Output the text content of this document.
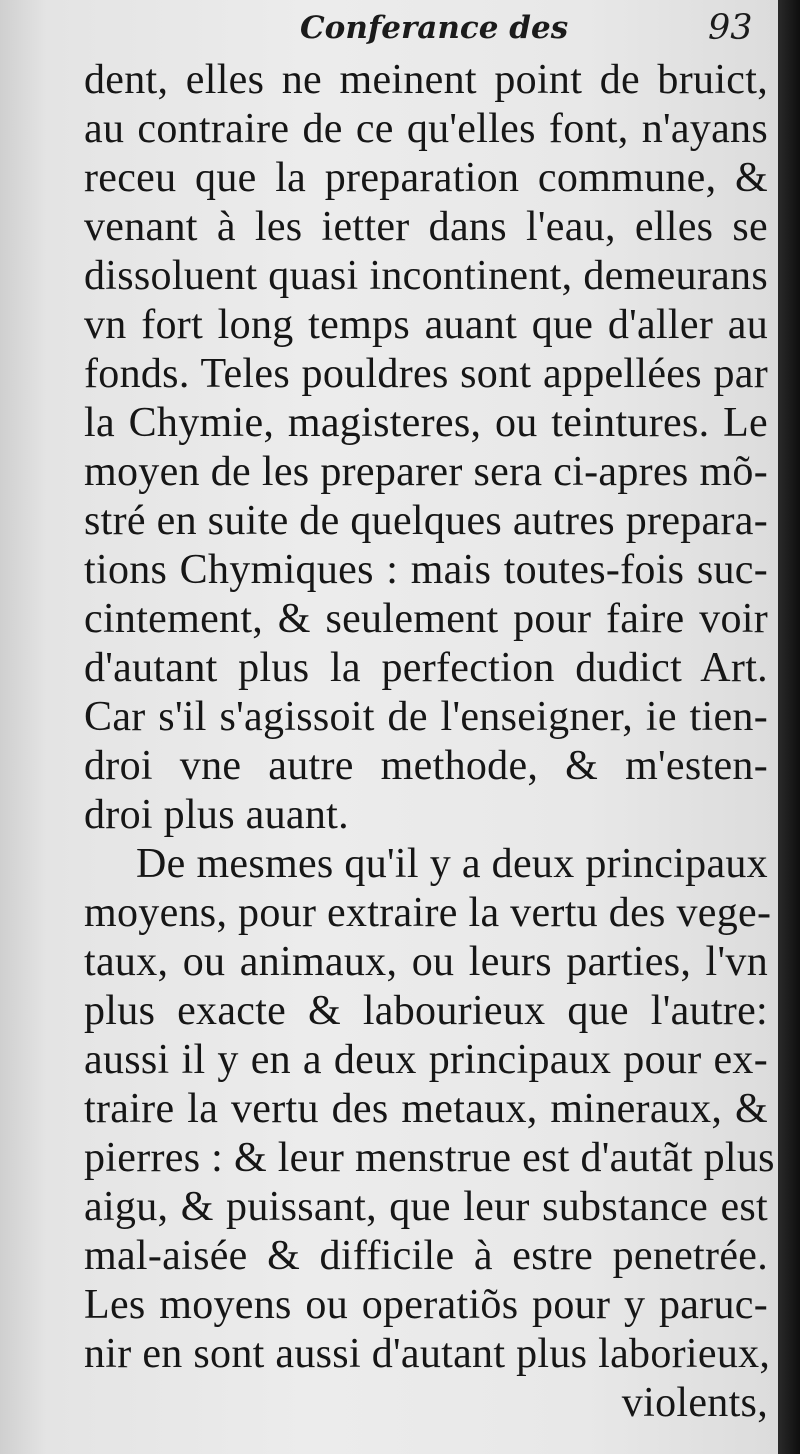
Conferance des	93
dent, elles ne meinent point de bruict,
au contraire de ce qu'elles font, n'ayans
receu que la preparation commune, &
venant à les ietter dans l'eau, elles se
dissoluent quasi incontinent, demeurans
vn fort long temps auant que d'aller au
fonds. Teles pouldres sont appellées par
la Chymie, magisteres, ou teintures. Le
moyen de les preparer sera ci-apres mõ-
stré en suite de quelques autres prepara-
tions Chymiques : mais toutes-fois suc-
cintement, & seulement pour faire voir
d'autant plus la perfection dudict Art.
Car s'il s'agissoit de l'enseigner, ie tien-
droi vne autre methode, & m'esten-
droi plus auant.
De mesmes qu'il y a deux principaux
moyens, pour extraire la vertu des vege-
taux, ou animaux, ou leurs parties, l'vn
plus exacte & labourieux que l'autre:
aussi il y en a deux principaux pour ex-
traire la vertu des metaux, mineraux, &
pierres : & leur menstrue est d'autãt plus
aigu, & puissant, que leur substance est
mal-aisée & difficile à estre penetrée.
Les moyens ou operatiõs pour y paruc-
nir en sont aussi d'autant plus laborieux,
violents,
